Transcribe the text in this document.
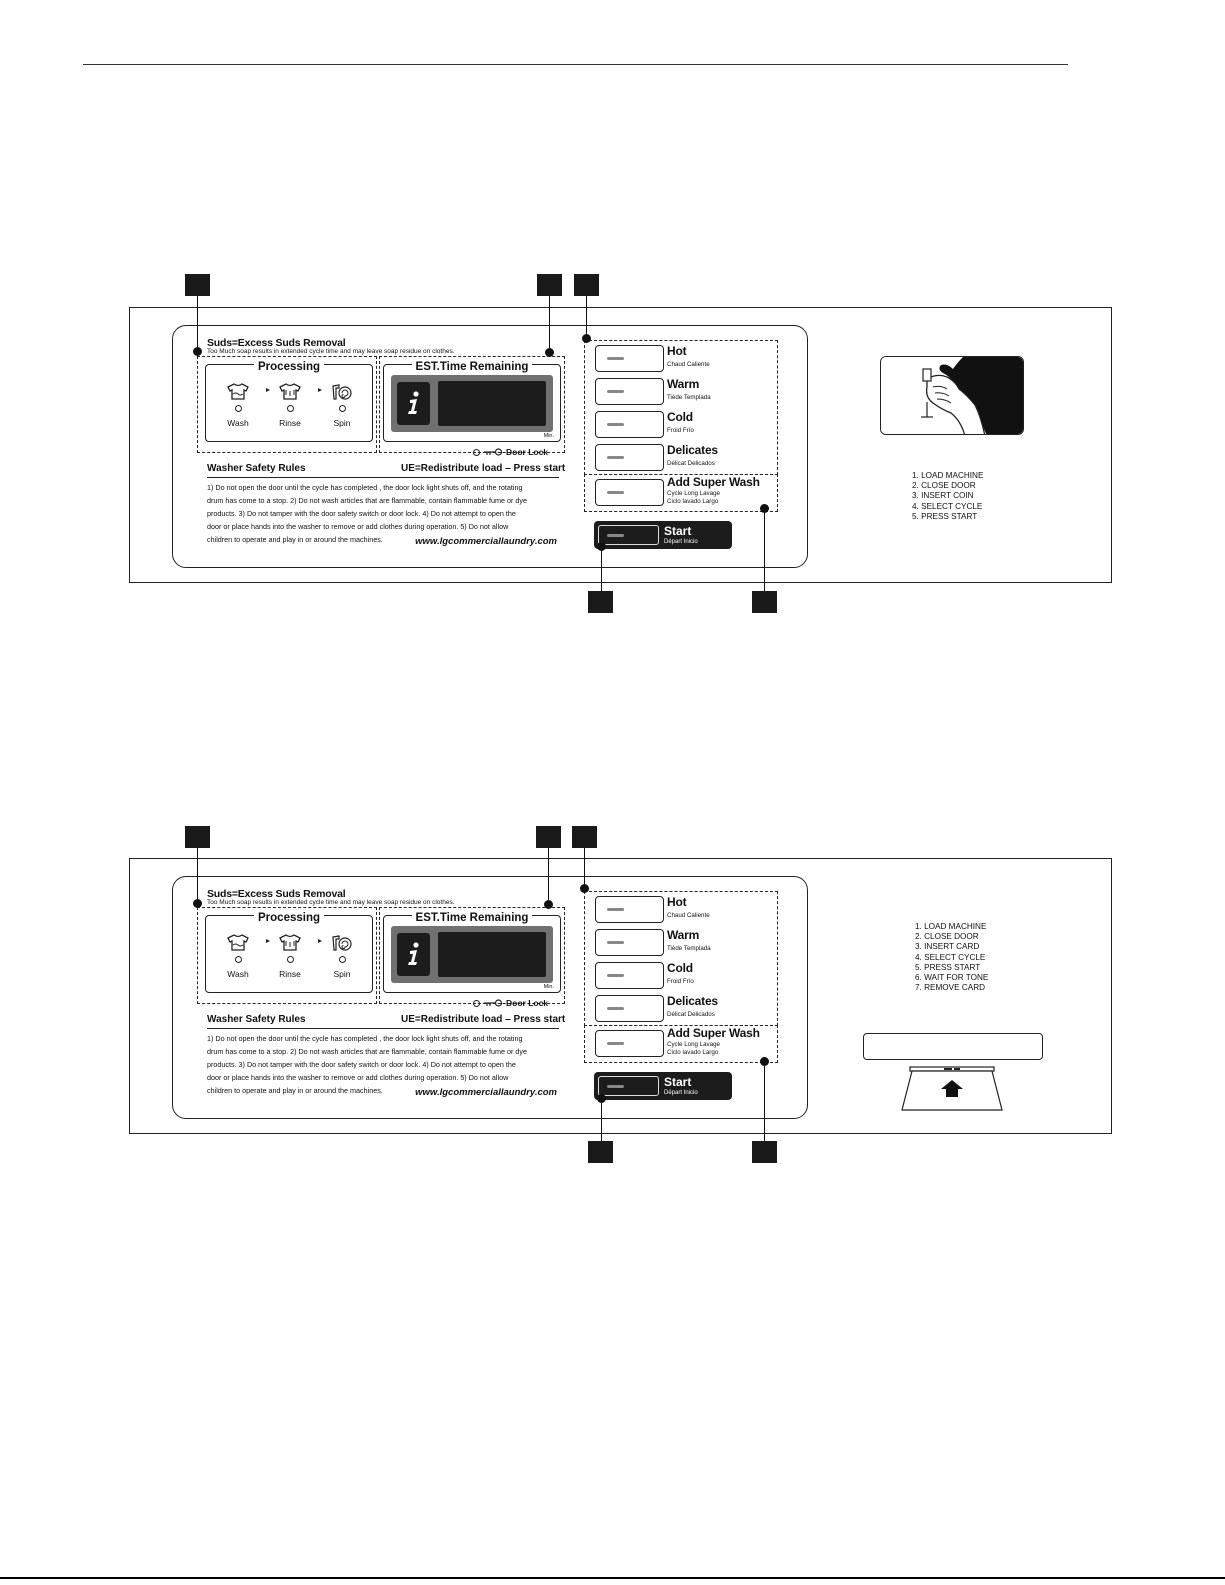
Suds=Excess Suds Removal
Too Much soap results in extended cycle time and may leave soap residue on clothes.
Processing
Wash	Rinse	Spin
EST.Time Remaining
Min.
Door Lock
Washer Safety Rules	UE=Redistribute load – Press start
1) Do not open the door until the cycle has completed , the door lock light shuts off, and the rotating
drum has come to a stop. 2) Do not wash articles that are flammable, contain flammable fume or dye
products. 3) Do not tamper with the door safety switch or door lock. 4) Do not attempt to open the
door or place hands into the washer to remove or add clothes during operation. 5) Do not allow
children to operate and play in or around the machines.	www.lgcommerciallaundry.com
Hot
Chaud Caliente
Warm
Tiède Templada
Cold
Froid Frío
Delicates
Délicat Delicados
Add Super Wash
Cycle Long Lavage
Ciclo lavado Largo
Start
Départ Inicio
1. LOAD MACHINE
2. CLOSE DOOR
3. INSERT COIN
4. SELECT CYCLE
5. PRESS START
Suds=Excess Suds Removal
Too Much soap results in extended cycle time and may leave soap residue on clothes.
Processing
Wash	Rinse	Spin
EST.Time Remaining
Min.
Door Lock
Washer Safety Rules	UE=Redistribute load – Press start
1) Do not open the door until the cycle has completed , the door lock light shuts off, and the rotating
drum has come to a stop. 2) Do not wash articles that are flammable, contain flammable fume or dye
products. 3) Do not tamper with the door safety switch or door lock. 4) Do not attempt to open the
door or place hands into the washer to remove or add clothes during operation. 5) Do not allow
children to operate and play in or around the machines.	www.lgcommerciallaundry.com
Hot
Chaud Caliente
Warm
Tiède Templada
Cold
Froid Frío
Delicates
Délicat Delicados
Add Super Wash
Cycle Long Lavage
Ciclo lavado Largo
Start
Départ Inicio
1. LOAD MACHINE
2. CLOSE DOOR
3. INSERT CARD
4. SELECT CYCLE
5. PRESS START
6. WAIT FOR TONE
7. REMOVE CARD
